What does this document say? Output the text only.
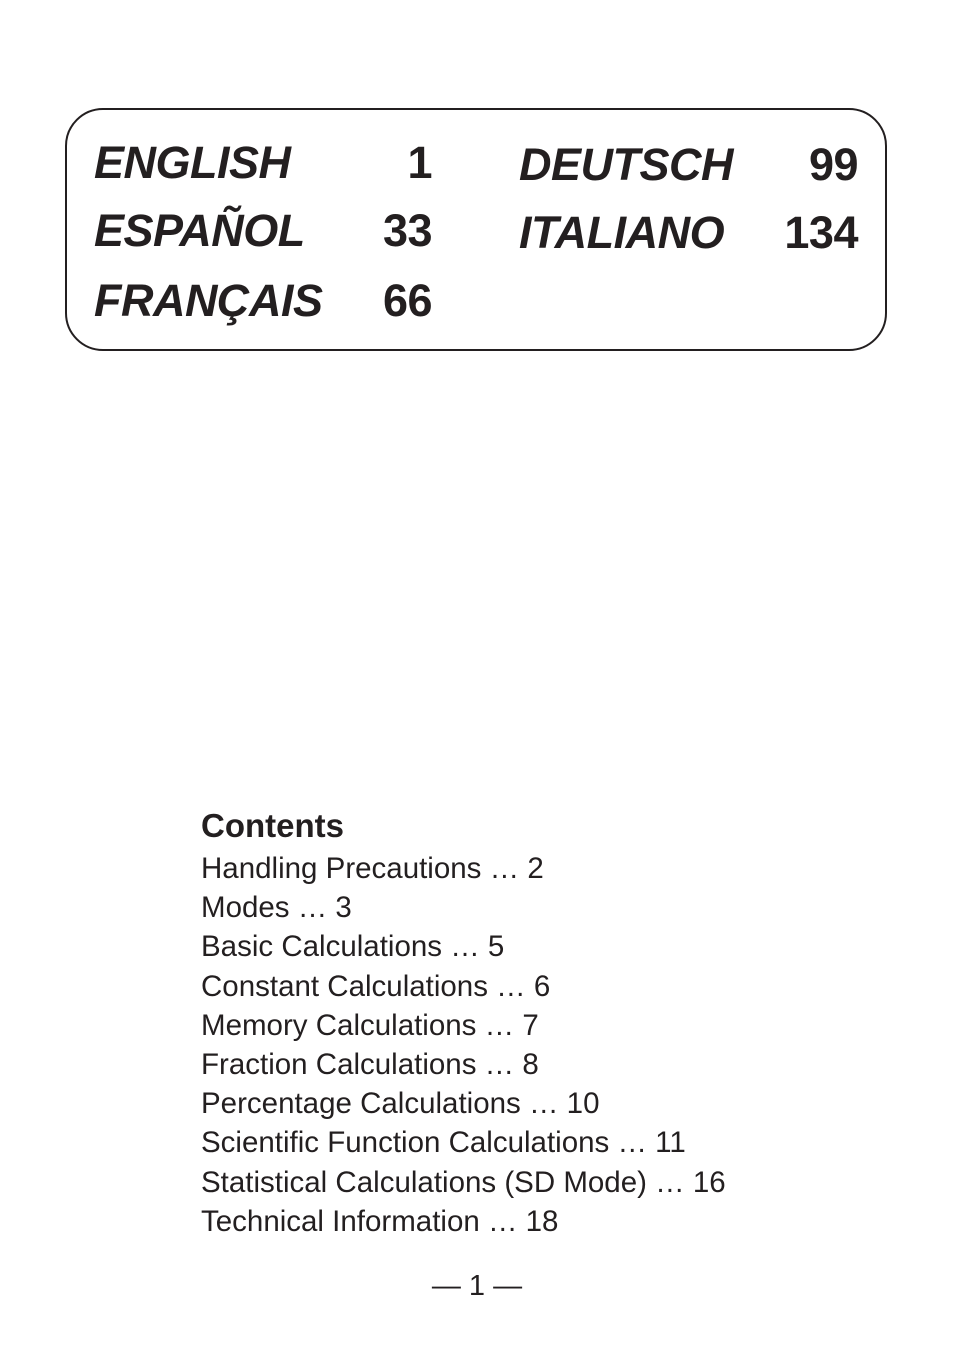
ENGLISH	1
ESPAÑOL	33
FRANÇAIS	66
DEUTSCH	99
ITALIANO	134
Contents
Handling Precautions … 2
Modes … 3
Basic Calculations … 5
Constant Calculations … 6
Memory Calculations … 7
Fraction Calculations … 8
Percentage Calculations … 10
Scientific Function Calculations … 11
Statistical Calculations (SD Mode) … 16
Technical Information … 18
— 1 —
